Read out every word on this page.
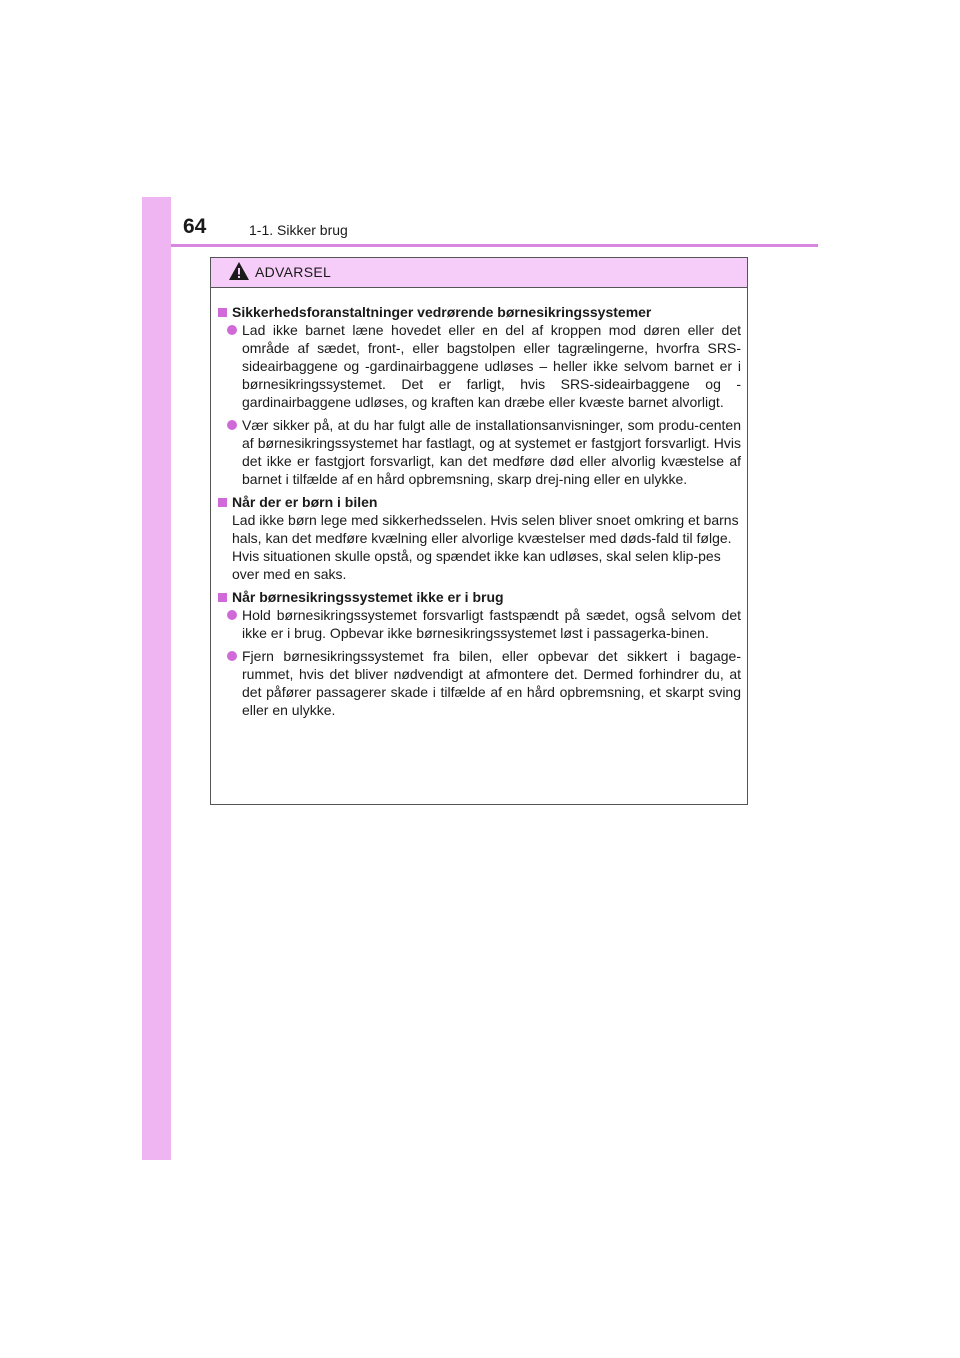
64	1-1. Sikker brug
ADVARSEL
Sikkerhedsforanstaltninger vedrørende børnesikringssystemer
Lad ikke barnet læne hovedet eller en del af kroppen mod døren eller det område af sædet, front-, eller bagstolpen eller tagrælingerne, hvorfra SRS-sideairbaggene og -gardinairbaggene udløses – heller ikke selvom barnet er i børnesikringssystemet. Det er farligt, hvis SRS-sideairbaggene og -gardinairbaggene udløses, og kraften kan dræbe eller kvæste barnet alvorligt.
Vær sikker på, at du har fulgt alle de installationsanvisninger, som produ-centen af børnesikringssystemet har fastlagt, og at systemet er fastgjort forsvarligt. Hvis det ikke er fastgjort forsvarligt, kan det medføre død eller alvorlig kvæstelse af barnet i tilfælde af en hård opbremsning, skarp drej-ning eller en ulykke.
Når der er børn i bilen
Lad ikke børn lege med sikkerhedsselen. Hvis selen bliver snoet omkring et barns hals, kan det medføre kvælning eller alvorlige kvæstelser med døds-fald til følge.
Hvis situationen skulle opstå, og spændet ikke kan udløses, skal selen klip-pes over med en saks.
Når børnesikringssystemet ikke er i brug
Hold børnesikringssystemet forsvarligt fastspændt på sædet, også selvom det ikke er i brug. Opbevar ikke børnesikringssystemet løst i passagerka-binen.
Fjern børnesikringssystemet fra bilen, eller opbevar det sikkert i bagage-rummet, hvis det bliver nødvendigt at afmontere det. Dermed forhindrer du, at det påfører passagerer skade i tilfælde af en hård opbremsning, et skarpt sving eller en ulykke.
